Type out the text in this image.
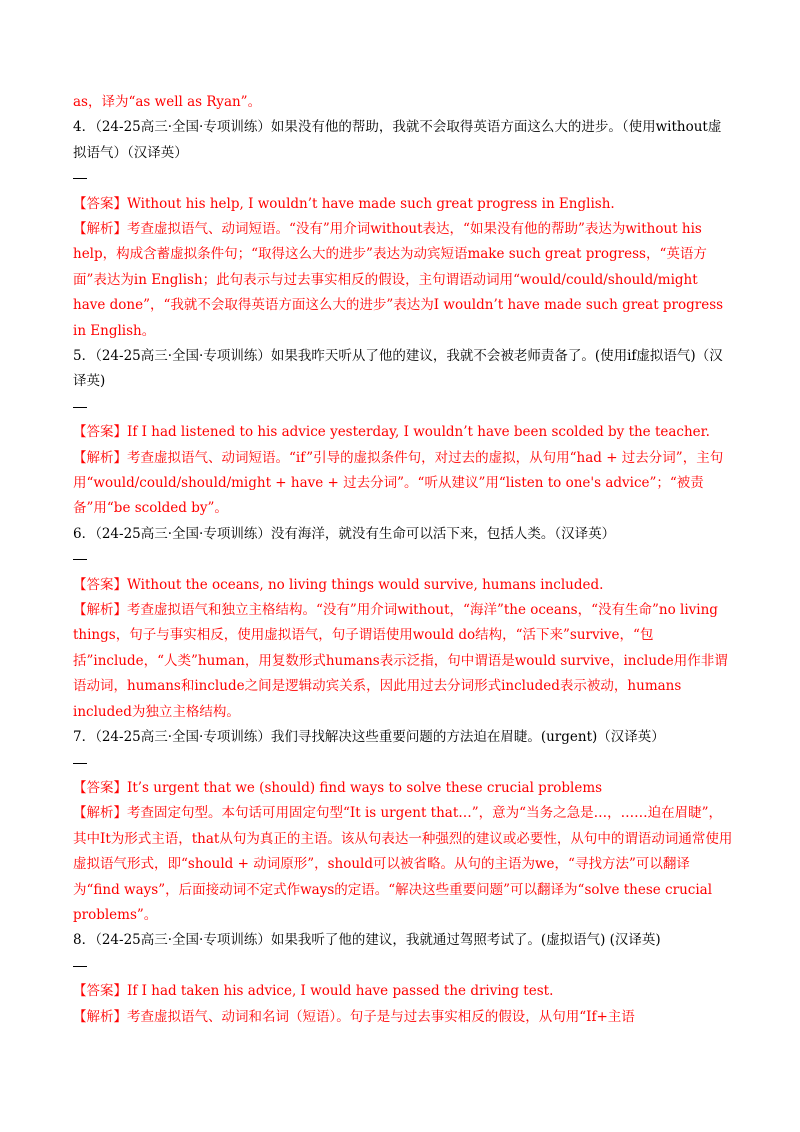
as，译为“as well as Ryan”。

4．（24-25高三·全国·专项训练）如果没有他的帮助，我就不会取得英语方面这么大的进步。（使用without虚拟语气）（汉译英）

【答案】Without his help, I wouldn’t have made such great progress in English.

【解析】考查虚拟语气、动词短语。“没有”用介词without表达，“如果没有他的帮助”表达为without his help，构成含蓄虚拟条件句；“取得这么大的进步”表达为动宾短语make such great progress，“英语方面”表达为in English；此句表示与过去事实相反的假设，主句谓语动词用“would/could/should/might have done”，“我就不会取得英语方面这么大的进步”表达为I wouldn’t have made such great progress in English。

5．（24-25高三·全国·专项训练）如果我昨天听从了他的建议，我就不会被老师责备了。(使用if虚拟语气)（汉译英)

【答案】If I had listened to his advice yesterday, I wouldn’t have been scolded by the teacher.

【解析】考查虚拟语气、动词短语。“if”引导的虚拟条件句，对过去的虚拟，从句用“had + 过去分词”，主句用“would/could/should/might + have + 过去分词”。“听从建议”用“listen to one's advice”；“被责备”用“be scolded by”。

6．（24-25高三·全国·专项训练）没有海洋，就没有生命可以活下来，包括人类。（汉译英）

【答案】Without the oceans, no living things would survive, humans included.

【解析】考查虚拟语气和独立主格结构。“没有”用介词without，“海洋”the oceans，“没有生命”no living things，句子与事实相反，使用虚拟语气，句子谓语使用would do结构，“活下来”survive，“包括”include，“人类”human，用复数形式humans表示泛指，句中谓语是would survive，include用作非谓语动词，humans和include之间是逻辑动宾关系，因此用过去分词形式included表示被动，humans included为独立主格结构。

7．（24-25高三·全国·专项训练）我们寻找解决这些重要问题的方法迫在眉睫。(urgent)（汉译英）

【答案】It’s urgent that we (should) find ways to solve these crucial problems

【解析】考查固定句型。本句话可用固定句型“It is urgent that…”，意为“当务之急是…，……迫在眉睫”，其中It为形式主语，that从句为真正的主语。该从句表达一种强烈的建议或必要性，从句中的谓语动词通常使用虚拟语气形式，即“should + 动词原形”，should可以被省略。从句的主语为we，“寻找方法”可以翻译为“find ways”，后面接动词不定式作ways的定语。“解决这些重要问题”可以翻译为“solve these crucial problems”。

8．（24-25高三·全国·专项训练）如果我听了他的建议，我就通过驾照考试了。(虚拟语气) (汉译英)

【答案】If I had taken his advice, I would have passed the driving test.

【解析】考查虚拟语气、动词和名词（短语）。句子是与过去事实相反的假设，从句用“If+主语
